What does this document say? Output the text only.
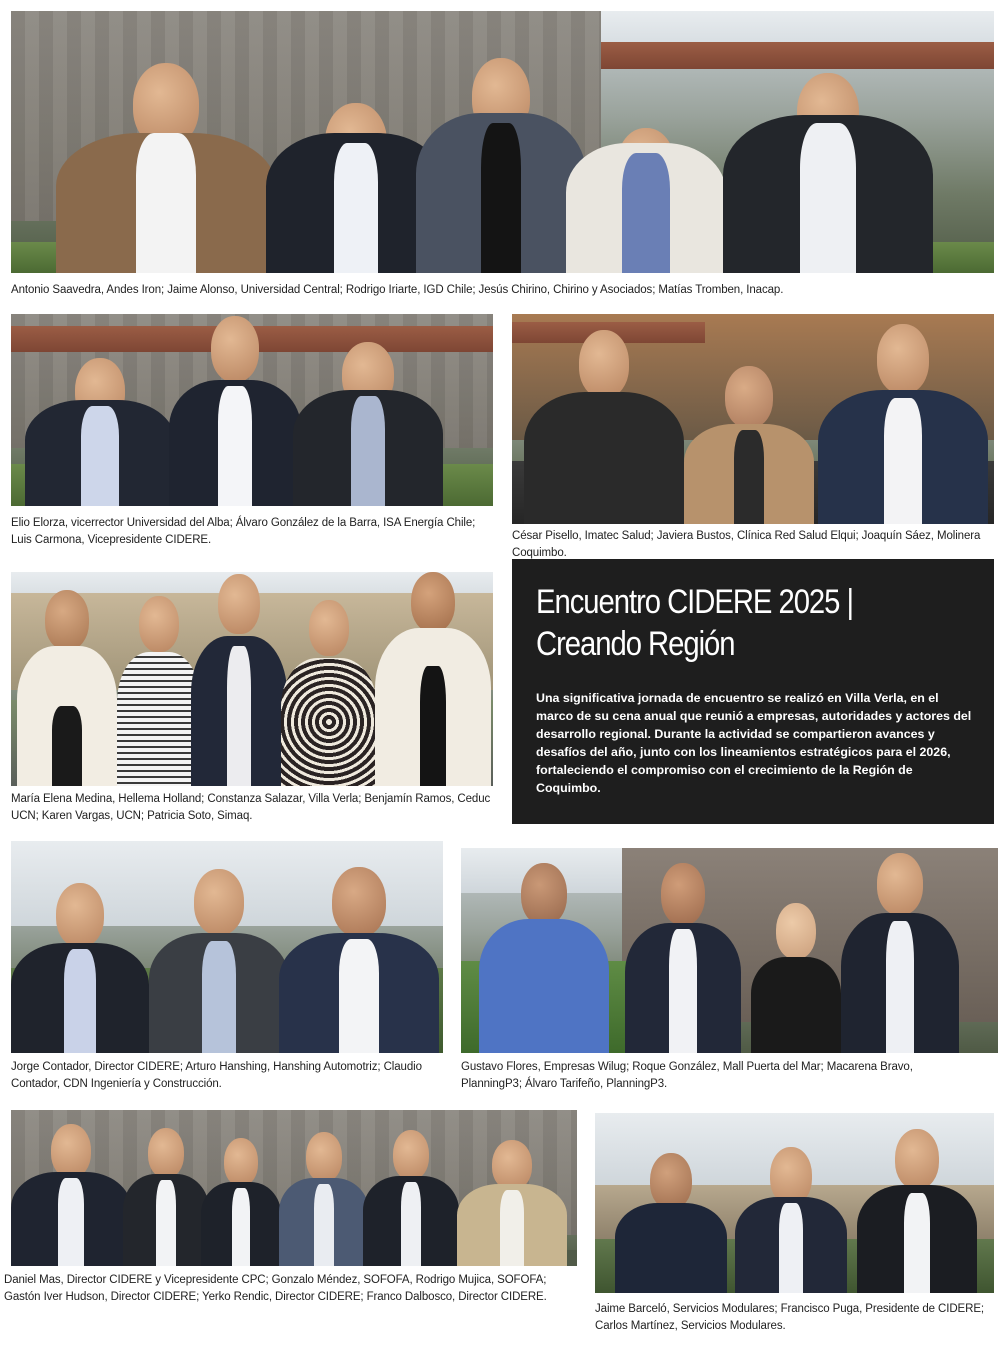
Antonio Saavedra, Andes Iron; Jaime Alonso, Universidad Central; Rodrigo Iriarte, IGD Chile; Jesús Chirino, Chirino y Asociados; Matías Tromben, Inacap.
Elio Elorza, vicerrector Universidad del Alba; Álvaro González de la Barra, ISA Energía Chile; Luis Carmona, Vicepresidente CIDERE.	César Pisello, Imatec Salud; Javiera Bustos, Clínica Red Salud Elqui; Joaquín Sáez, Molinera Coquimbo.
María Elena Medina, Hellema Holland; Constanza Salazar, Villa Verla; Benjamín Ramos, Ceduc UCN; Karen Vargas, UCN; Patricia Soto, Simaq.
Encuentro CIDERE 2025 | Creando Región
Una significativa jornada de encuentro se realizó en Villa Verla, en el marco de su cena anual que reunió a empresas, autoridades y actores del desarrollo regional. Durante la actividad se compartieron avances y desafíos del año, junto con los lineamientos estratégicos para el 2026, fortaleciendo el compromiso con el crecimiento de la Región de Coquimbo.
Jorge Contador, Director CIDERE; Arturo Hanshing, Hanshing Automotriz; Claudio Contador, CDN Ingeniería y Construcción.
Gustavo Flores, Empresas Wilug; Roque González, Mall Puerta del Mar; Macarena Bravo, PlanningP3; Álvaro Tarifeño, PlanningP3.
Daniel Mas, Director CIDERE y Vicepresidente CPC; Gonzalo Méndez, SOFOFA, Rodrigo Mujica, SOFOFA; Gastón Iver Hudson, Director CIDERE; Yerko Rendic, Director CIDERE; Franco Dalbosco, Director CIDERE.
Jaime Barceló, Servicios Modulares; Francisco Puga, Presidente de CIDERE; Carlos Martínez, Servicios Modulares.
